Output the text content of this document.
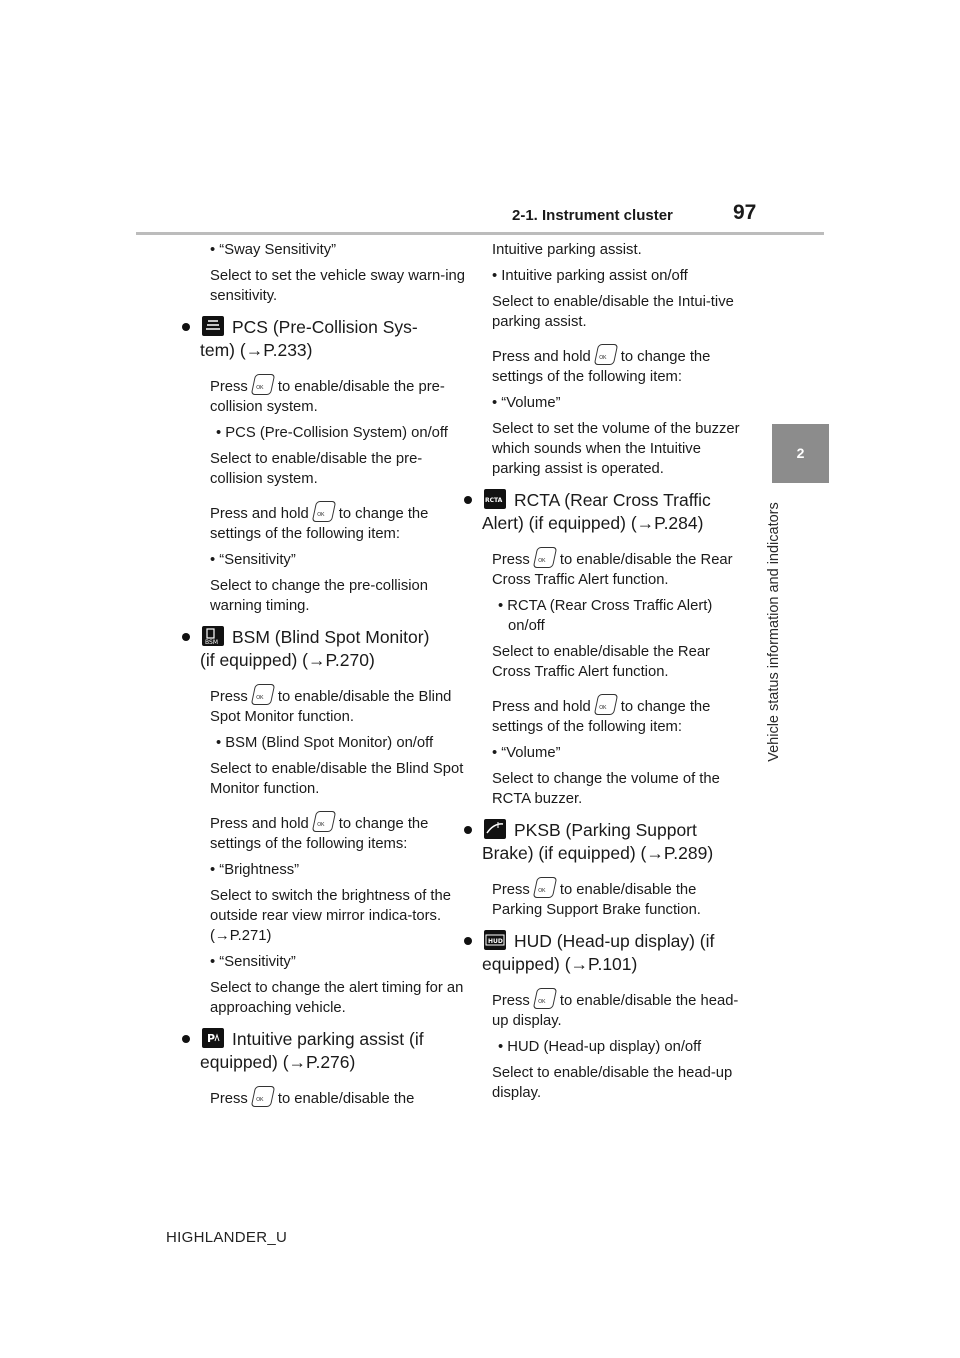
2-1. Instrument cluster	97
2
Vehicle status information and indicators

• “Sway Sensitivity”

Select to set the vehicle sway warn-ing sensitivity.

PCS (Pre-Collision Sys-
tem) (→P.233)

Press OK to enable/disable the pre-collision system.

• PCS (Pre-Collision System) on/off

Select to enable/disable the pre-collision system.

Press and hold OK to change the settings of the following item:

• “Sensitivity”

Select to change the pre-collision warning timing.

BSM BSM (Blind Spot Monitor)
(if equipped) (→P.270)

Press OK to enable/disable the Blind Spot Monitor function.

• BSM (Blind Spot Monitor) on/off

Select to enable/disable the Blind Spot Monitor function.

Press and hold OK to change the settings of the following items:

• “Brightness”

Select to switch the brightness of the outside rear view mirror indica-tors. (→P.271)

• “Sensitivity”

Select to change the alert timing for an approaching vehicle.

P Intuitive parking assist (if
equipped) (→P.276)

Press OK to enable/disable the

Intuitive parking assist.

• Intuitive parking assist on/off

Select to enable/disable the Intui-tive parking assist.

Press and hold OK to change the settings of the following item:

• “Volume”

Select to set the volume of the buzzer which sounds when the Intuitive parking assist is operated.

RCTA RCTA (Rear Cross Traffic
Alert) (if equipped) (→P.284)

Press OK to enable/disable the Rear Cross Traffic Alert function.

• RCTA (Rear Cross Traffic Alert) on/off

Select to enable/disable the Rear Cross Traffic Alert function.

Press and hold OK to change the settings of the following item:

• “Volume”

Select to change the volume of the RCTA buzzer.

PKSB (Parking Support
Brake) (if equipped) (→P.289)

Press OK to enable/disable the Parking Support Brake function.

HUD HUD (Head-up display) (if
equipped) (→P.101)

Press OK to enable/disable the head-up display.

• HUD (Head-up display) on/off

Select to enable/disable the head-up display.

HIGHLANDER_U
